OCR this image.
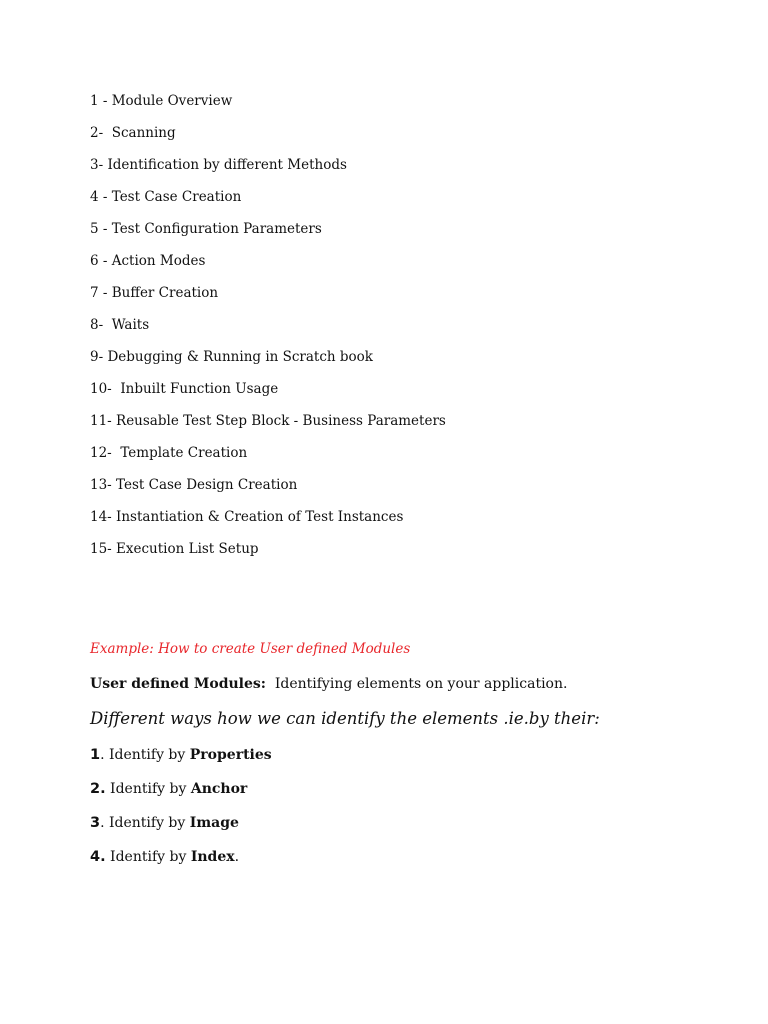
1 - Module Overview
2-  Scanning
3- Identification by different Methods
4 - Test Case Creation
5 - Test Configuration Parameters
6 - Action Modes
7 - Buffer Creation
8-  Waits
9- Debugging & Running in Scratch book
10-  Inbuilt Function Usage
11- Reusable Test Step Block - Business Parameters
12-  Template Creation
13- Test Case Design Creation
14- Instantiation & Creation of Test Instances
15- Execution List Setup
Example: How to create User defined Modules
User defined Modules:  Identifying elements on your application.
Different ways how we can identify the elements .ie.by their:
1. Identify by Properties
2. Identify by Anchor
3. Identify by Image
4. Identify by Index.
